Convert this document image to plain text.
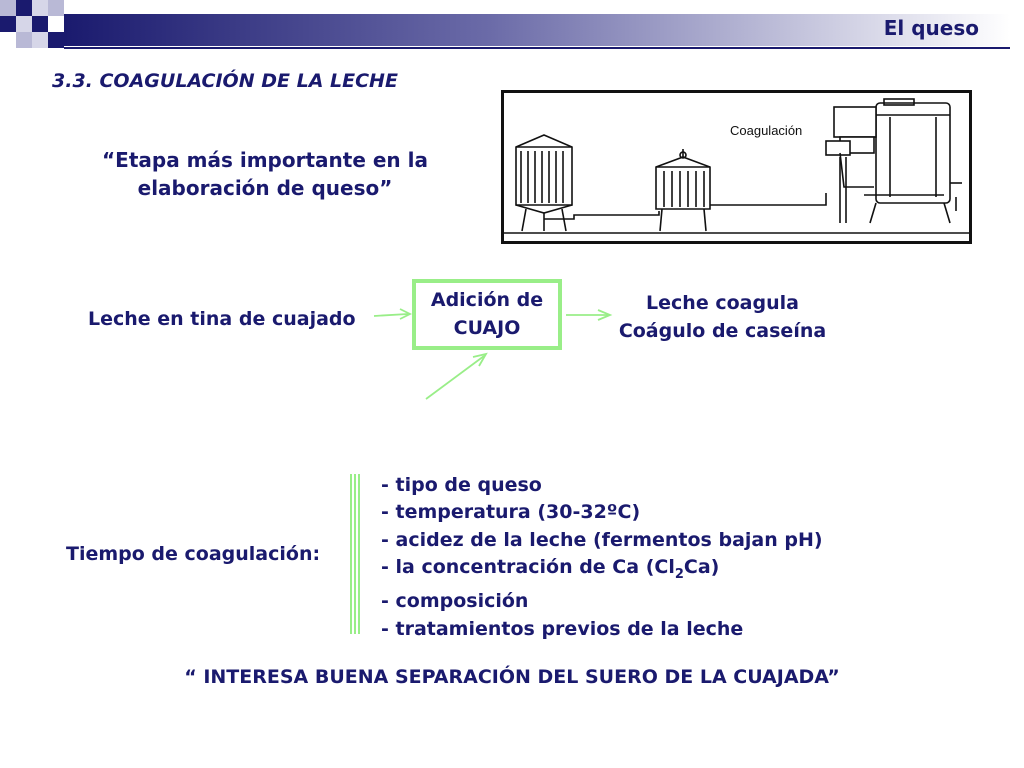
El queso
3.3. COAGULACIÓN DE LA LECHE
“Etapa más importante en la
elaboración de queso”
Coagulación
Leche en tina de cuajado
Adición de
CUAJO
Leche coagula
Coágulo de caseína
Tiempo de coagulación:
- tipo de queso
- temperatura (30-32ºC)
- acidez de la leche (fermentos bajan pH)
- la concentración de Ca $(Cl_2Ca)$
- composición
- tratamientos previos de la leche
“ INTERESA BUENA SEPARACIÓN DEL SUERO DE LA CUAJADA”
